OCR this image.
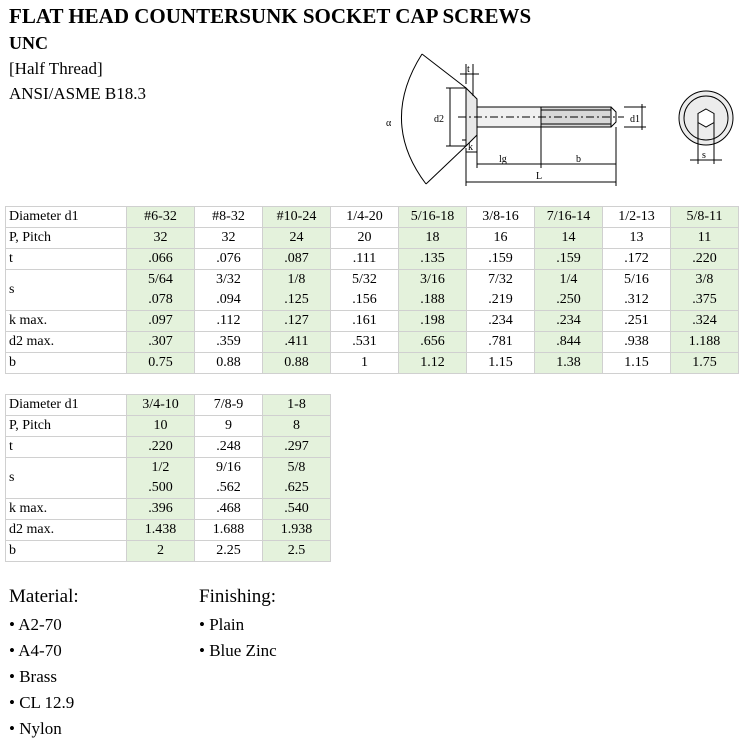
FLAT HEAD COUNTERSUNK SOCKET CAP SCREWS
UNC
[Half Thread]
ANSI/ASME B18.3
α
t
d2
k
lg	b
L
d1
s
Diameter d1	#6-32	#8-32	#10-24	1/4-20	5/16-18	3/8-16	7/16-14	1/2-13	5/8-11
P, Pitch	32	32	24	20	18	16	14	13	11
t	.066	.076	.087	.111	.135	.159	.159	.172	.220
s	5/64	3/32	1/8	5/32	3/16	7/32	1/4	5/16	3/8
	.078	.094	.125	.156	.188	.219	.250	.312	.375
k max.	.097	.112	.127	.161	.198	.234	.234	.251	.324
d2 max.	.307	.359	.411	.531	.656	.781	.844	.938	1.188
b	0.75	0.88	0.88	1	1.12	1.15	1.38	1.15	1.75
Diameter d1	3/4-10	7/8-9	1-8
P, Pitch	10	9	8
t	.220	.248	.297
s	1/2	9/16	5/8
	.500	.562	.625
k max.	.396	.468	.540
d2 max.	1.438	1.688	1.938
b	2	2.25	2.5
Material:
• A2-70
• A4-70
• Brass
• CL 12.9
• Nylon
Finishing:
• Plain
• Blue Zinc
